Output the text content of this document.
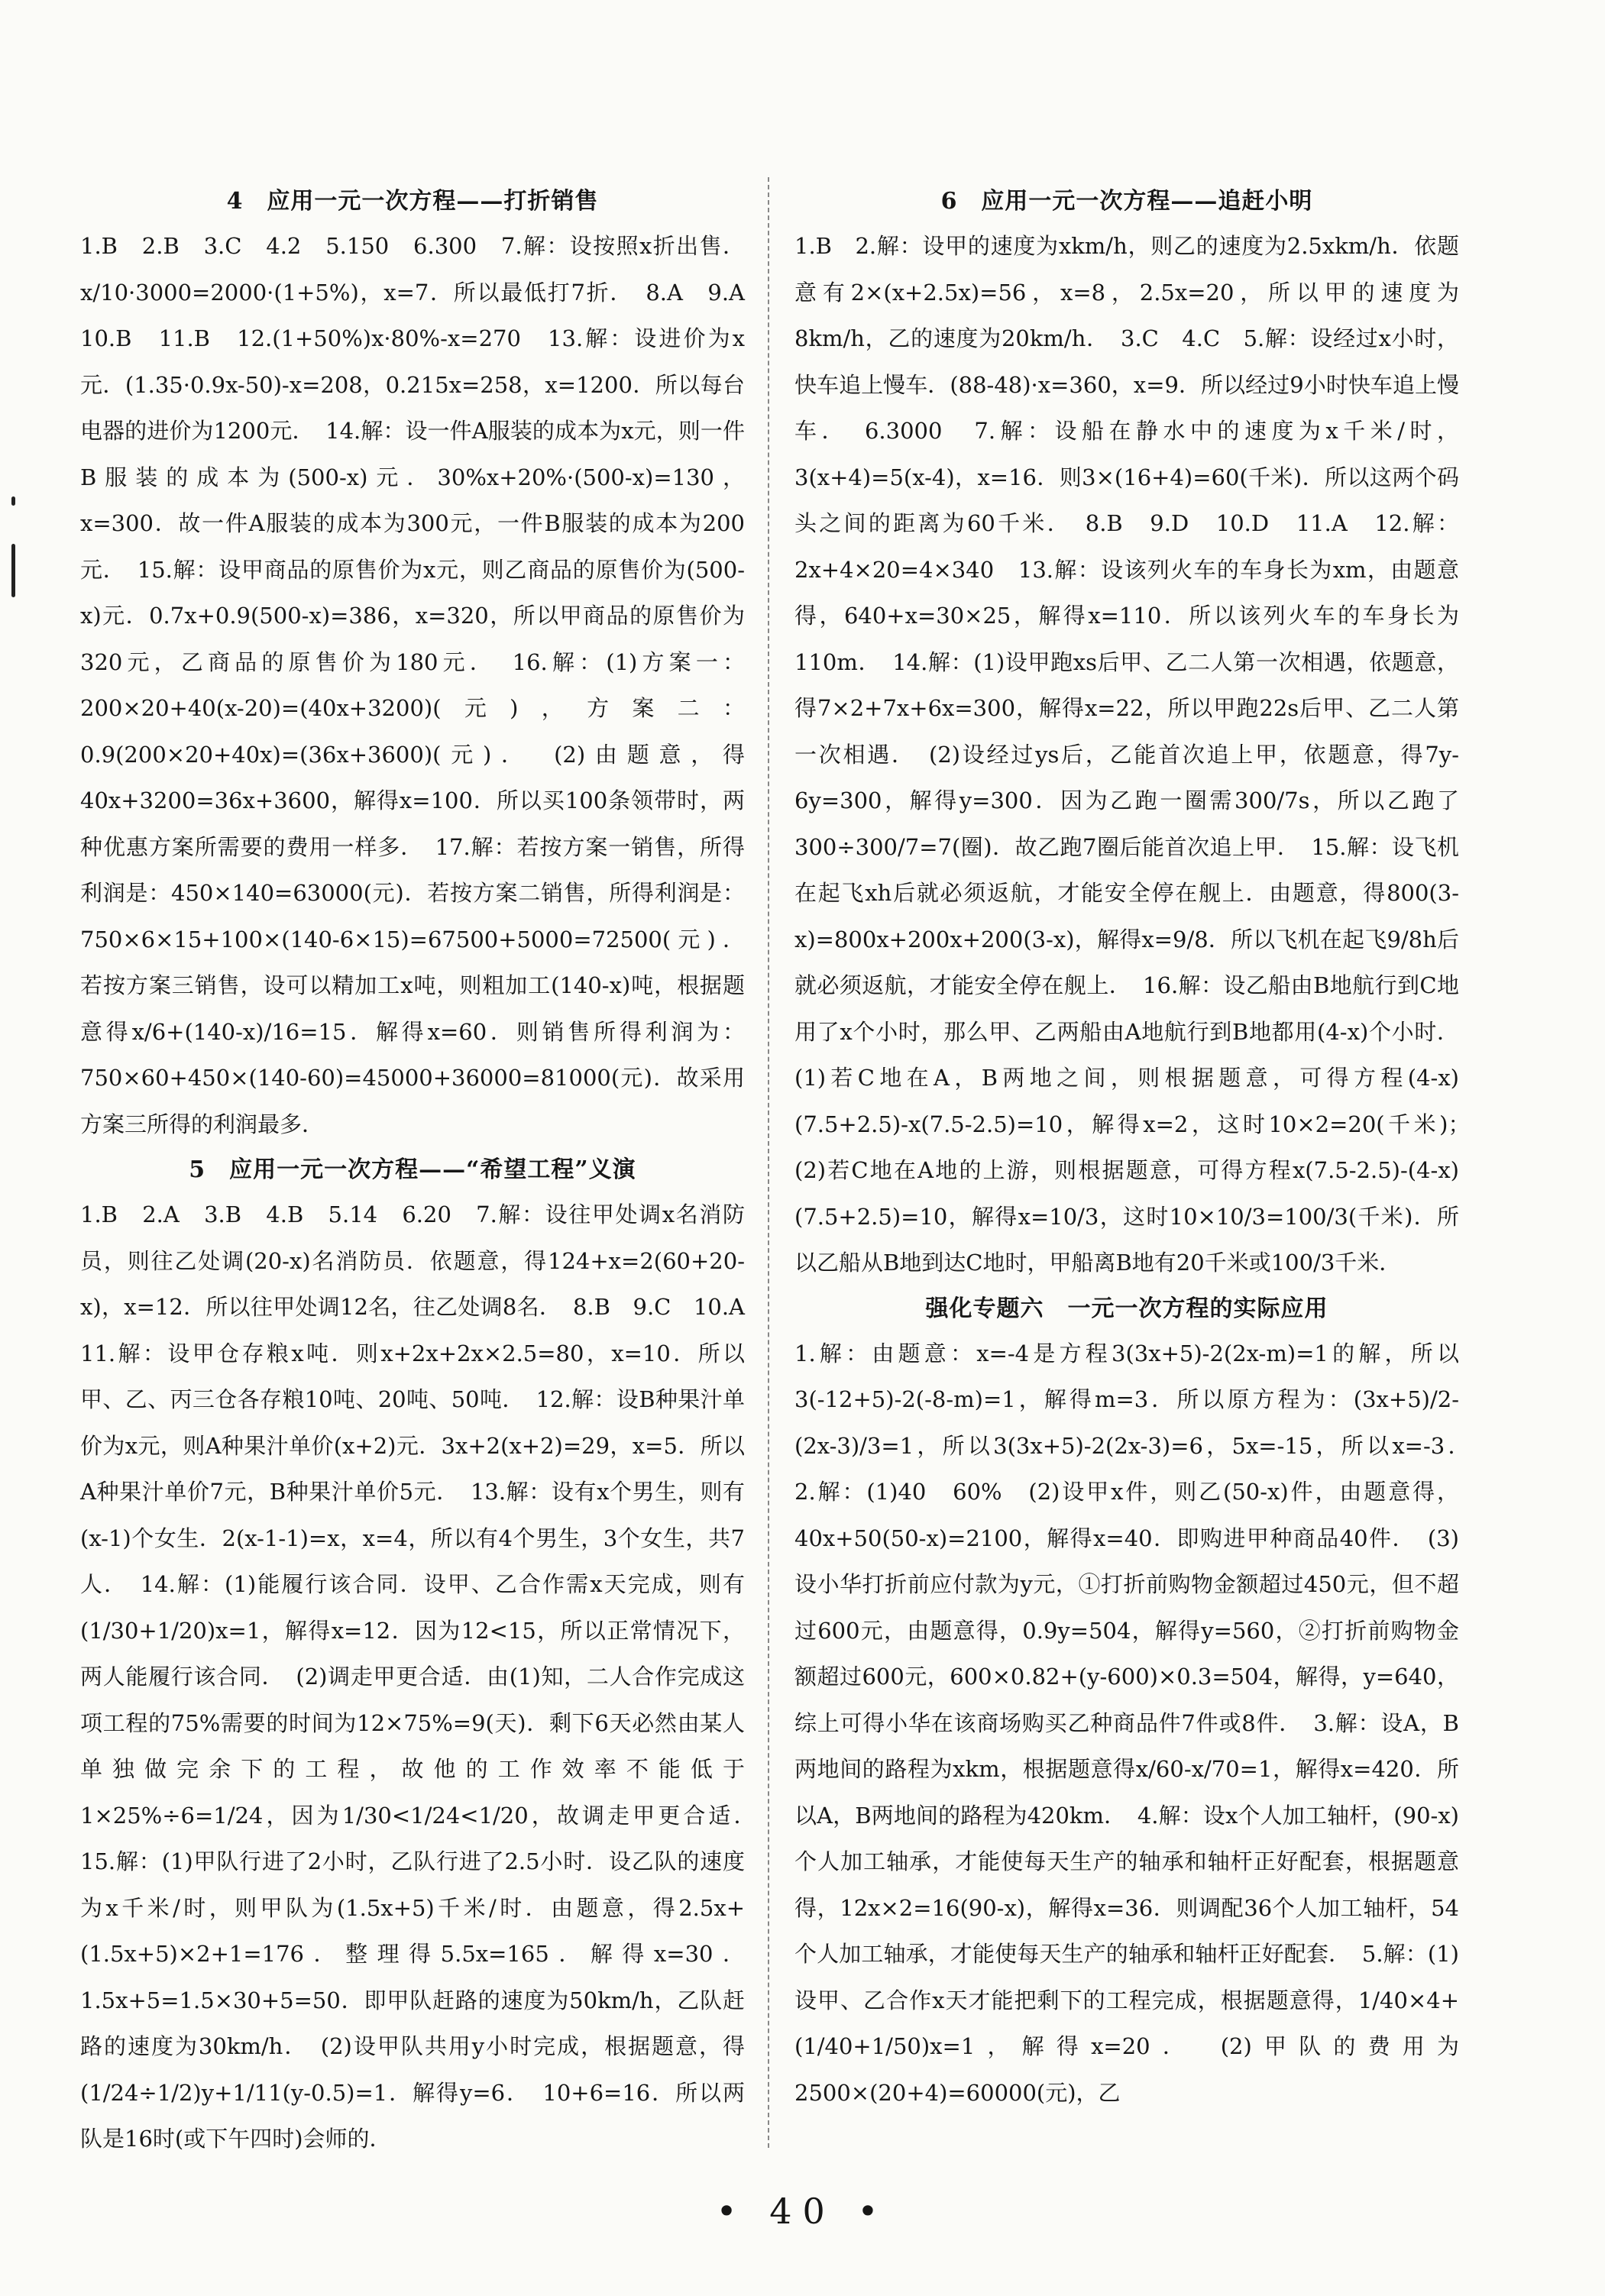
4　应用一元一次方程——打折销售

1.B　2.B　3.C　4.2　5.150　6.300　7.解：设按照x折出售．x/10·3000=2000·(1+5%)，x=7．所以最低打7折．　8.A　9.A　10.B　11.B　12.(1+50%)x·80%-x=270　13.解：设进价为x元．(1.35·0.9x-50)-x=208，0.215x=258，x=1200．所以每台电器的进价为1200元．　14.解：设一件A服装的成本为x元，则一件B服装的成本为(500-x)元．30%x+20%·(500-x)=130，x=300．故一件A服装的成本为300元，一件B服装的成本为200元．　15.解：设甲商品的原售价为x元，则乙商品的原售价为(500-x)元．0.7x+0.9(500-x)=386，x=320，所以甲商品的原售价为320元，乙商品的原售价为180元．　16.解：(1)方案一：200×20+40(x-20)=(40x+3200)(元)，方案二：0.9(200×20+40x)=(36x+3600)(元)．　(2)由题意，得40x+3200=36x+3600，解得x=100．所以买100条领带时，两种优惠方案所需要的费用一样多．　17.解：若按方案一销售，所得利润是：450×140=63000(元)．若按方案二销售，所得利润是：750×6×15+100×(140-6×15)=67500+5000=72500(元)．若按方案三销售，设可以精加工x吨，则粗加工(140-x)吨，根据题意得x/6+(140-x)/16=15．解得x=60．则销售所得利润为：750×60+450×(140-60)=45000+36000=81000(元)．故采用方案三所得的利润最多．

5　应用一元一次方程——“希望工程”义演

1.B　2.A　3.B　4.B　5.14　6.20　7.解：设往甲处调x名消防员，则往乙处调(20-x)名消防员．依题意，得124+x=2(60+20-x)，x=12．所以往甲处调12名，往乙处调8名．　8.B　9.C　10.A　11.解：设甲仓存粮x吨．则x+2x+2x×2.5=80，x=10．所以甲、乙、丙三仓各存粮10吨、20吨、50吨．　12.解：设B种果汁单价为x元，则A种果汁单价(x+2)元．3x+2(x+2)=29，x=5．所以A种果汁单价7元，B种果汁单价5元．　13.解：设有x个男生，则有(x-1)个女生．2(x-1-1)=x，x=4，所以有4个男生，3个女生，共7人．　14.解：(1)能履行该合同．设甲、乙合作需x天完成，则有(1/30+1/20)x=1，解得x=12．因为12<15，所以正常情况下，两人能履行该合同．　(2)调走甲更合适．由(1)知，二人合作完成这项工程的75%需要的时间为12×75%=9(天)．剩下6天必然由某人单独做完余下的工程，故他的工作效率不能低于1×25%÷6=1/24，因为1/30<1/24<1/20，故调走甲更合适．　15.解：(1)甲队行进了2小时，乙队行进了2.5小时．设乙队的速度为x千米/时，则甲队为(1.5x+5)千米/时．由题意，得2.5x+(1.5x+5)×2+1=176．整理得5.5x=165．解得x=30．1.5x+5=1.5×30+5=50．即甲队赶路的速度为50km/h，乙队赶路的速度为30km/h．　(2)设甲队共用y小时完成，根据题意，得(1/24÷1/2)y+1/11(y-0.5)=1．解得y=6．　10+6=16．所以两队是16时(或下午四时)会师的．

6　应用一元一次方程——追赶小明

1.B　2.解：设甲的速度为xkm/h，则乙的速度为2.5xkm/h．依题意有2×(x+2.5x)=56，x=8，2.5x=20，所以甲的速度为8km/h，乙的速度为20km/h．　3.C　4.C　5.解：设经过x小时，快车追上慢车．(88-48)·x=360，x=9．所以经过9小时快车追上慢车．　6.3000　7.解：设船在静水中的速度为x千米/时，3(x+4)=5(x-4)，x=16．则3×(16+4)=60(千米)．所以这两个码头之间的距离为60千米．　8.B　9.D　10.D　11.A　12.解：2x+4×20=4×340　13.解：设该列火车的车身长为xm，由题意得，640+x=30×25，解得x=110．所以该列火车的车身长为110m．　14.解：(1)设甲跑xs后甲、乙二人第一次相遇，依题意，得7×2+7x+6x=300，解得x=22，所以甲跑22s后甲、乙二人第一次相遇．　(2)设经过ys后，乙能首次追上甲，依题意，得7y-6y=300，解得y=300．因为乙跑一圈需300/7s，所以乙跑了300÷300/7=7(圈)．故乙跑7圈后能首次追上甲．　15.解：设飞机在起飞xh后就必须返航，才能安全停在舰上．由题意，得800(3-x)=800x+200x+200(3-x)，解得x=9/8．所以飞机在起飞9/8h后就必须返航，才能安全停在舰上．　16.解：设乙船由B地航行到C地用了x个小时，那么甲、乙两船由A地航行到B地都用(4-x)个小时．(1)若C地在A，B两地之间，则根据题意，可得方程(4-x)(7.5+2.5)-x(7.5-2.5)=10，解得x=2，这时10×2=20(千米)；　(2)若C地在A地的上游，则根据题意，可得方程x(7.5-2.5)-(4-x)(7.5+2.5)=10，解得x=10/3，这时10×10/3=100/3(千米)．所以乙船从B地到达C地时，甲船离B地有20千米或100/3千米．

强化专题六　一元一次方程的实际应用

1.解：由题意：x=-4是方程3(3x+5)-2(2x-m)=1的解，所以3(-12+5)-2(-8-m)=1，解得m=3．所以原方程为：(3x+5)/2-(2x-3)/3=1，所以3(3x+5)-2(2x-3)=6，5x=-15，所以x=-3．　2.解：(1)40　60%　(2)设甲x件，则乙(50-x)件，由题意得，40x+50(50-x)=2100，解得x=40．即购进甲种商品40件．　(3)设小华打折前应付款为y元，①打折前购物金额超过450元，但不超过600元，由题意得，0.9y=504，解得y=560，②打折前购物金额超过600元，600×0.82+(y-600)×0.3=504，解得，y=640，综上可得小华在该商场购买乙种商品件7件或8件．　3.解：设A，B两地间的路程为xkm，根据题意得x/60-x/70=1，解得x=420．所以A，B两地间的路程为420km．　4.解：设x个人加工轴杆，(90-x)个人加工轴承，才能使每天生产的轴承和轴杆正好配套，根据题意得，12x×2=16(90-x)，解得x=36．则调配36个人加工轴杆，54个人加工轴承，才能使每天生产的轴承和轴杆正好配套．　5.解：(1)设甲、乙合作x天才能把剩下的工程完成，根据题意得，1/40×4+(1/40+1/50)x=1，解得x=20．　(2)甲队的费用为2500×(20+4)=60000(元)，乙

• 40 •
